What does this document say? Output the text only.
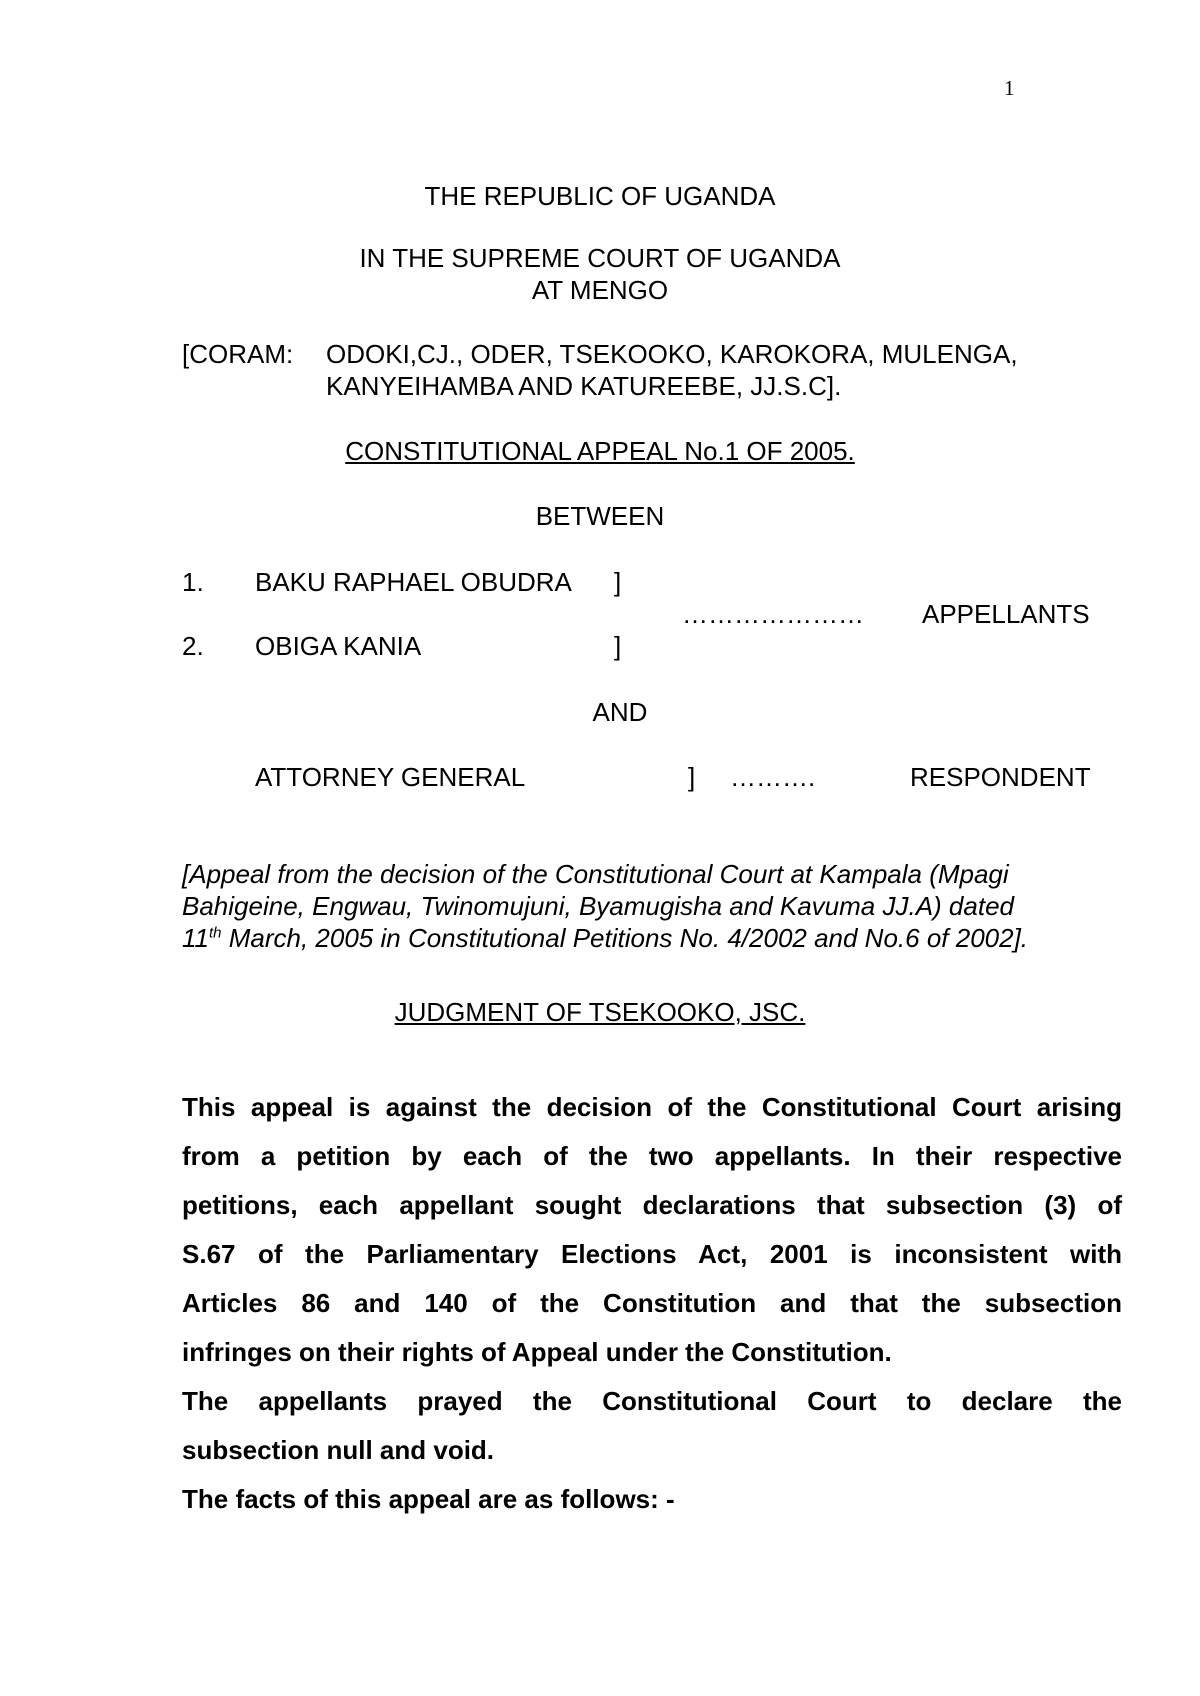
1
THE REPUBLIC OF UGANDA
IN THE SUPREME COURT OF UGANDA
AT MENGO
[CORAM: ODOKI,CJ., ODER, TSEKOOKO, KAROKORA, MULENGA,
KANYEIHAMBA AND KATUREEBE, JJ.S.C].
CONSTITUTIONAL APPEAL No.1 OF 2005.
BETWEEN
1. BAKU RAPHAEL OBUDRA ]
………………… APPELLANTS
2. OBIGA KANIA	]
AND
ATTORNEY GENERAL	] ……….	RESPONDENT
[Appeal from the decision of the Constitutional Court at Kampala (Mpagi
Bahigeine, Engwau, Twinomujuni, Byamugisha and Kavuma JJ.A) dated
11th March, 2005 in Constitutional Petitions No. 4/2002 and No.6 of 2002].
JUDGMENT OF TSEKOOKO, JSC.
This appeal is against the decision of the Constitutional Court arising
from a petition by each of the two appellants. In their respective
petitions, each appellant sought declarations that subsection (3) of
S.67 of the Parliamentary Elections Act, 2001 is inconsistent with
Articles 86 and 140 of the Constitution and that the subsection
infringes on their rights of Appeal under the Constitution.
The appellants prayed the Constitutional Court to declare the
subsection null and void.
The facts of this appeal are as follows: -
